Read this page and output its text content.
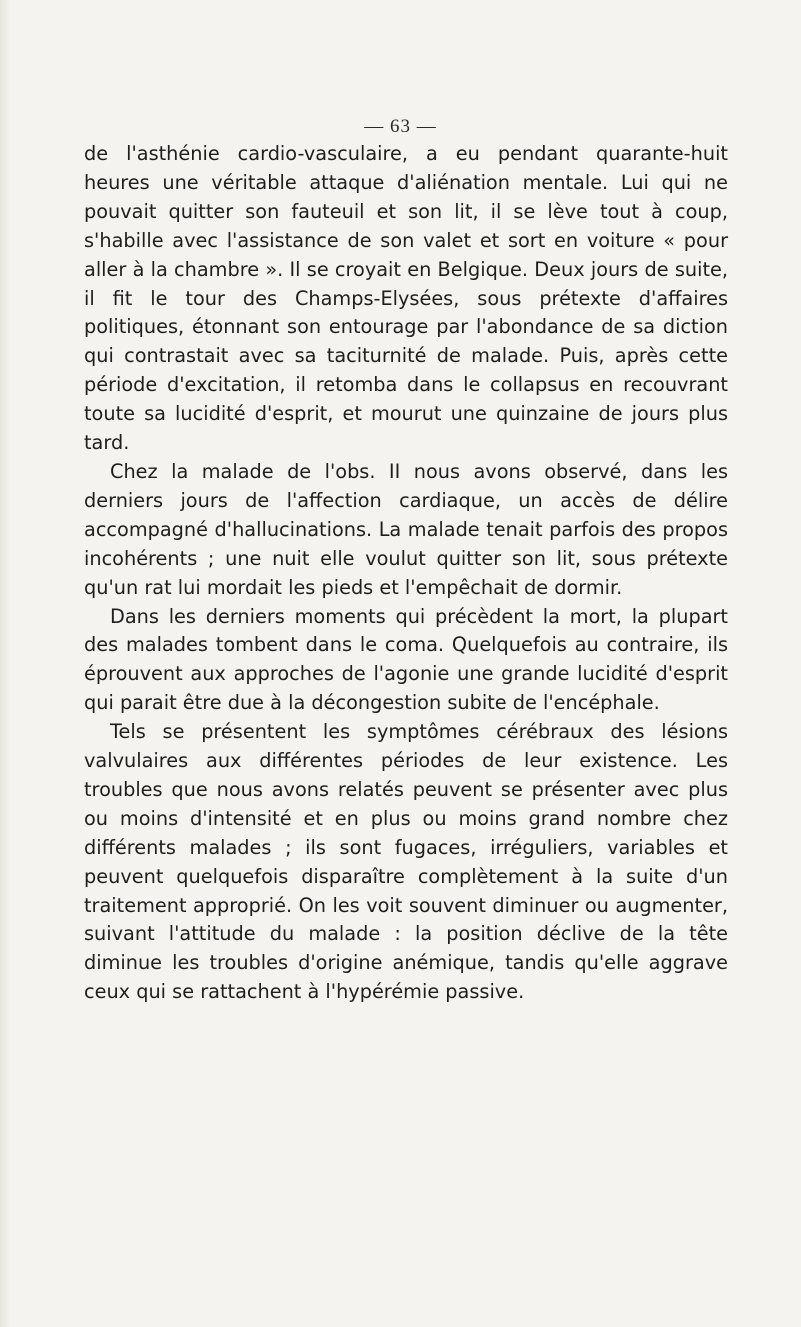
— 63 —

de l'asthénie cardio-vasculaire, a eu pendant quarante-huit heures une véritable attaque d'aliénation mentale. Lui qui ne pouvait quitter son fauteuil et son lit, il se lève tout à coup, s'habille avec l'assistance de son valet et sort en voiture « pour aller à la chambre ». Il se croyait en Belgique. Deux jours de suite, il fit le tour des Champs-Elysées, sous prétexte d'affaires politiques, étonnant son entourage par l'abondance de sa diction qui contrastait avec sa taciturnité de malade. Puis, après cette période d'excitation, il retomba dans le collapsus en recouvrant toute sa lucidité d'esprit, et mourut une quinzaine de jours plus tard.

Chez la malade de l'obs. II nous avons observé, dans les derniers jours de l'affection cardiaque, un accès de délire accompagné d'hallucinations. La malade tenait parfois des propos incohérents ; une nuit elle voulut quitter son lit, sous prétexte qu'un rat lui mordait les pieds et l'empêchait de dormir.

Dans les derniers moments qui précèdent la mort, la plupart des malades tombent dans le coma. Quelquefois au contraire, ils éprouvent aux approches de l'agonie une grande lucidité d'esprit qui parait être due à la décongestion subite de l'encéphale.

Tels se présentent les symptômes cérébraux des lésions valvulaires aux différentes périodes de leur existence. Les troubles que nous avons relatés peuvent se présenter avec plus ou moins d'intensité et en plus ou moins grand nombre chez différents malades ; ils sont fugaces, irréguliers, variables et peuvent quelquefois disparaître complètement à la suite d'un traitement approprié. On les voit souvent diminuer ou augmenter, suivant l'attitude du malade : la position déclive de la tête diminue les troubles d'origine anémique, tandis qu'elle aggrave ceux qui se rattachent à l'hypérémie passive.
